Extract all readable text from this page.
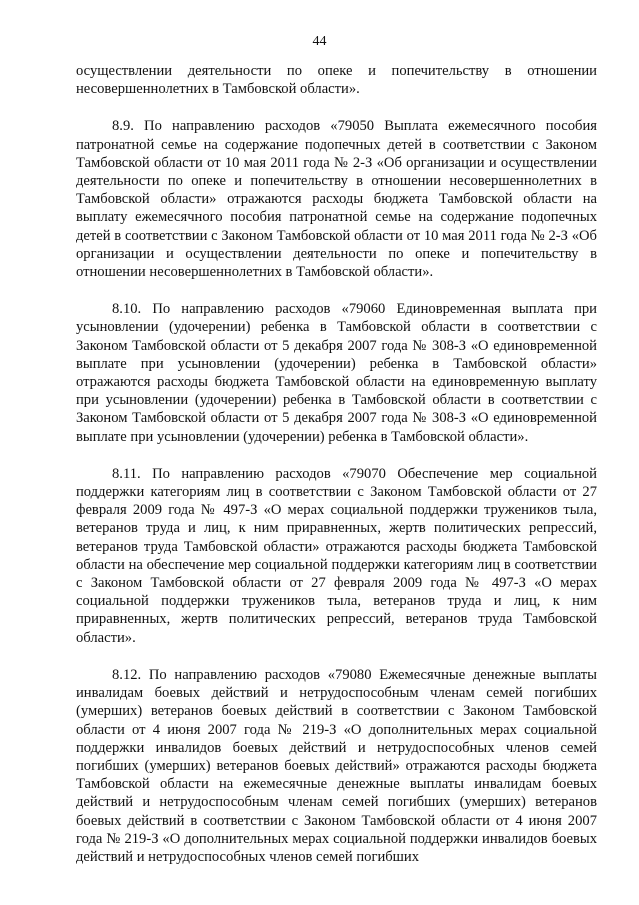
44

осуществлении деятельности по опеке и попечительству в отношении несовершеннолетних в Тамбовской области».

8.9. По направлению расходов «79050 Выплата ежемесячного пособия патронатной семье на содержание подопечных детей в соответствии с Законом Тамбовской области от 10 мая 2011 года № 2-З «Об организации и осуществлении деятельности по опеке и попечительству в отношении несовершеннолетних в Тамбовской области» отражаются расходы бюджета Тамбовской области на выплату ежемесячного пособия патронатной семье на содержание подопечных детей в соответствии с Законом Тамбовской области от 10 мая 2011 года № 2-З «Об организации и осуществлении деятельности по опеке и попечительству в отношении несовершеннолетних в Тамбовской области».

8.10. По направлению расходов «79060 Единовременная выплата при усыновлении (удочерении) ребенка в Тамбовской области в соответствии с Законом Тамбовской области от 5 декабря 2007 года № 308-З «О единовременной выплате при усыновлении (удочерении) ребенка в Тамбовской области» отражаются расходы бюджета Тамбовской области на единовременную выплату при усыновлении (удочерении) ребенка в Тамбовской области в соответствии с Законом Тамбовской области от 5 декабря 2007 года № 308-З «О единовременной выплате при усыновлении (удочерении) ребенка в Тамбовской области».

8.11. По направлению расходов «79070 Обеспечение мер социальной поддержки категориям лиц в соответствии с Законом Тамбовской области от 27 февраля 2009 года № 497-З «О мерах социальной поддержки тружеников тыла, ветеранов труда и лиц, к ним приравненных, жертв политических репрессий, ветеранов труда Тамбовской области» отражаются расходы бюджета Тамбовской области на обеспечение мер социальной поддержки категориям лиц в соответствии с Законом Тамбовской области от 27 февраля 2009 года № 497-З «О мерах социальной поддержки тружеников тыла, ветеранов труда и лиц, к ним приравненных, жертв политических репрессий, ветеранов труда Тамбовской области».

8.12. По направлению расходов «79080 Ежемесячные денежные выплаты инвалидам боевых действий и нетрудоспособным членам семей погибших (умерших) ветеранов боевых действий в соответствии с Законом Тамбовской области от 4 июня 2007 года № 219-З «О дополнительных мерах социальной поддержки инвалидов боевых действий и нетрудоспособных членов семей погибших (умерших) ветеранов боевых действий» отражаются расходы бюджета Тамбовской области на ежемесячные денежные выплаты инвалидам боевых действий и нетрудоспособным членам семей погибших (умерших) ветеранов боевых действий в соответствии с Законом Тамбовской области от 4 июня 2007 года № 219-З «О дополнительных мерах социальной поддержки инвалидов боевых действий и нетрудоспособных членов семей погибших
